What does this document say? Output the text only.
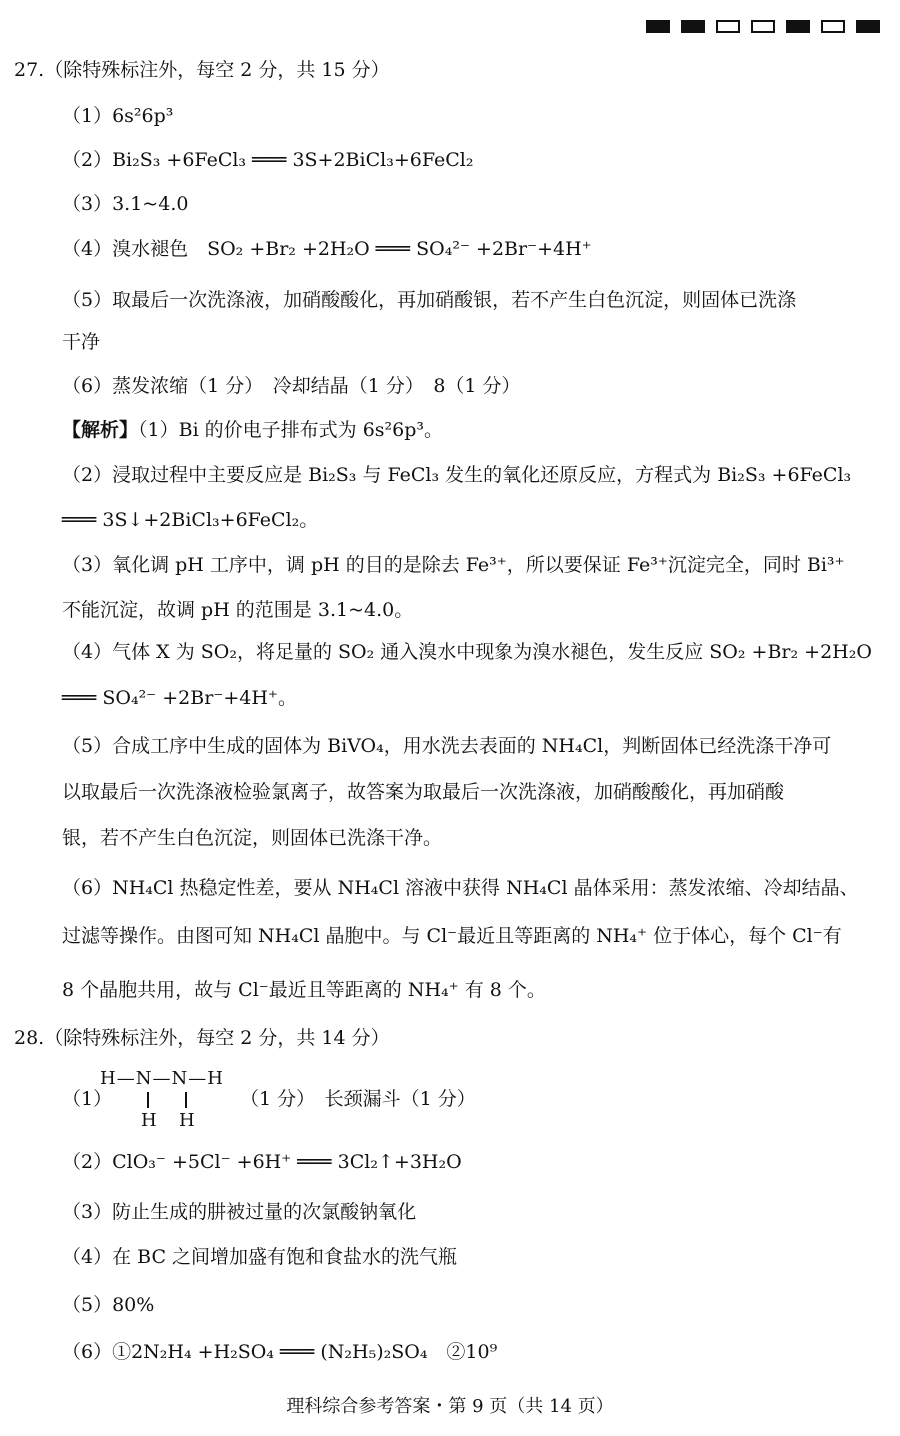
27.（除特殊标注外，每空 2 分，共 15 分）
（1）6s²6p³
（2）Bi₂S₃ +6FeCl₃ ═══ 3S+2BiCl₃+6FeCl₂
（3）3.1~4.0
（4）溴水褪色　SO₂ +Br₂ +2H₂O ═══ SO₄²⁻ +2Br⁻+4H⁺
（5）取最后一次洗涤液，加硝酸酸化，再加硝酸银，若不产生白色沉淀，则固体已洗涤
干净
（6）蒸发浓缩（1 分）　冷却结晶（1 分）　8（1 分）
【解析】（1）Bi 的价电子排布式为 6s²6p³。
（2）浸取过程中主要反应是 Bi₂S₃ 与 FeCl₃ 发生的氧化还原反应，方程式为 Bi₂S₃ +6FeCl₃
═══ 3S↓+2BiCl₃+6FeCl₂。
（3）氧化调 pH 工序中，调 pH 的目的是除去 Fe³⁺，所以要保证 Fe³⁺沉淀完全，同时 Bi³⁺
不能沉淀，故调 pH 的范围是 3.1~4.0。
（4）气体 X 为 SO₂，将足量的 SO₂ 通入溴水中现象为溴水褪色，发生反应 SO₂ +Br₂ +2H₂O
═══ SO₄²⁻ +2Br⁻+4H⁺。
（5）合成工序中生成的固体为 BiVO₄，用水洗去表面的 NH₄Cl，判断固体已经洗涤干净可
以取最后一次洗涤液检验氯离子，故答案为取最后一次洗涤液，加硝酸酸化，再加硝酸
银，若不产生白色沉淀，则固体已洗涤干净。
（6）NH₄Cl 热稳定性差，要从 NH₄Cl 溶液中获得 NH₄Cl 晶体采用：蒸发浓缩、冷却结晶、
过滤等操作。由图可知 NH₄Cl 晶胞中。与 Cl⁻最近且等距离的 NH₄⁺ 位于体心，每个 Cl⁻有
8 个晶胞共用，故与 Cl⁻最近且等距离的 NH₄⁺ 有 8 个。
28.（除特殊标注外，每空 2 分，共 14 分）
（1）
H—N—N—H
H H
（1 分）　长颈漏斗（1 分）
（2）ClO₃⁻ +5Cl⁻ +6H⁺ ═══ 3Cl₂↑+3H₂O
（3）防止生成的肼被过量的次氯酸钠氧化
（4）在 BC 之间增加盛有饱和食盐水的洗气瓶
（5）80%
（6）①2N₂H₄ +H₂SO₄ ═══ (N₂H₅)₂SO₄　②10⁹
理科综合参考答案・第 9 页（共 14 页）
